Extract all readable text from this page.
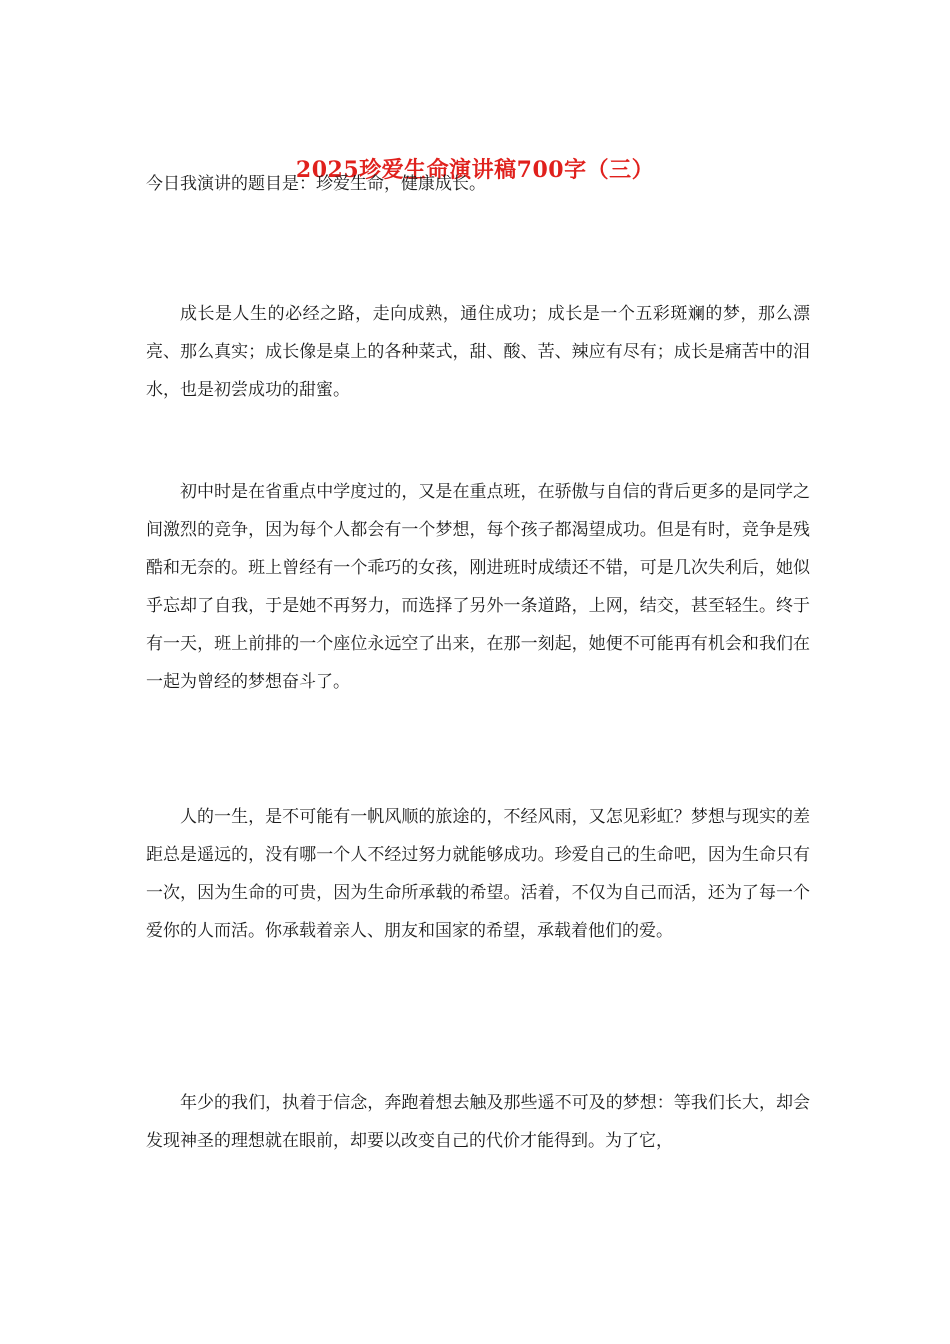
2025珍爱生命演讲稿700字（三）

今日我演讲的题目是：珍爱生命，健康成长。

成长是人生的必经之路，走向成熟，通住成功；成长是一个五彩斑斓的梦，那么漂亮、那么真实；成长像是桌上的各种菜式，甜、酸、苦、辣应有尽有；成长是痛苦中的泪水，也是初尝成功的甜蜜。

初中时是在省重点中学度过的，又是在重点班，在骄傲与自信的背后更多的是同学之间激烈的竞争，因为每个人都会有一个梦想，每个孩子都渴望成功。但是有时，竞争是残酷和无奈的。班上曾经有一个乖巧的女孩，刚进班时成绩还不错，可是几次失利后，她似乎忘却了自我，于是她不再努力，而选择了另外一条道路，上网，结交，甚至轻生。终于有一天，班上前排的一个座位永远空了出来，在那一刻起，她便不可能再有机会和我们在一起为曾经的梦想奋斗了。

人的一生，是不可能有一帆风顺的旅途的，不经风雨，又怎见彩虹？梦想与现实的差距总是遥远的，没有哪一个人不经过努力就能够成功。珍爱自己的生命吧，因为生命只有一次，因为生命的可贵，因为生命所承载的希望。活着，不仅为自己而活，还为了每一个爱你的人而活。你承载着亲人、朋友和国家的希望，承载着他们的爱。

年少的我们，执着于信念，奔跑着想去触及那些遥不可及的梦想：等我们长大，却会发现神圣的理想就在眼前，却要以改变自己的代价才能得到。为了它，
